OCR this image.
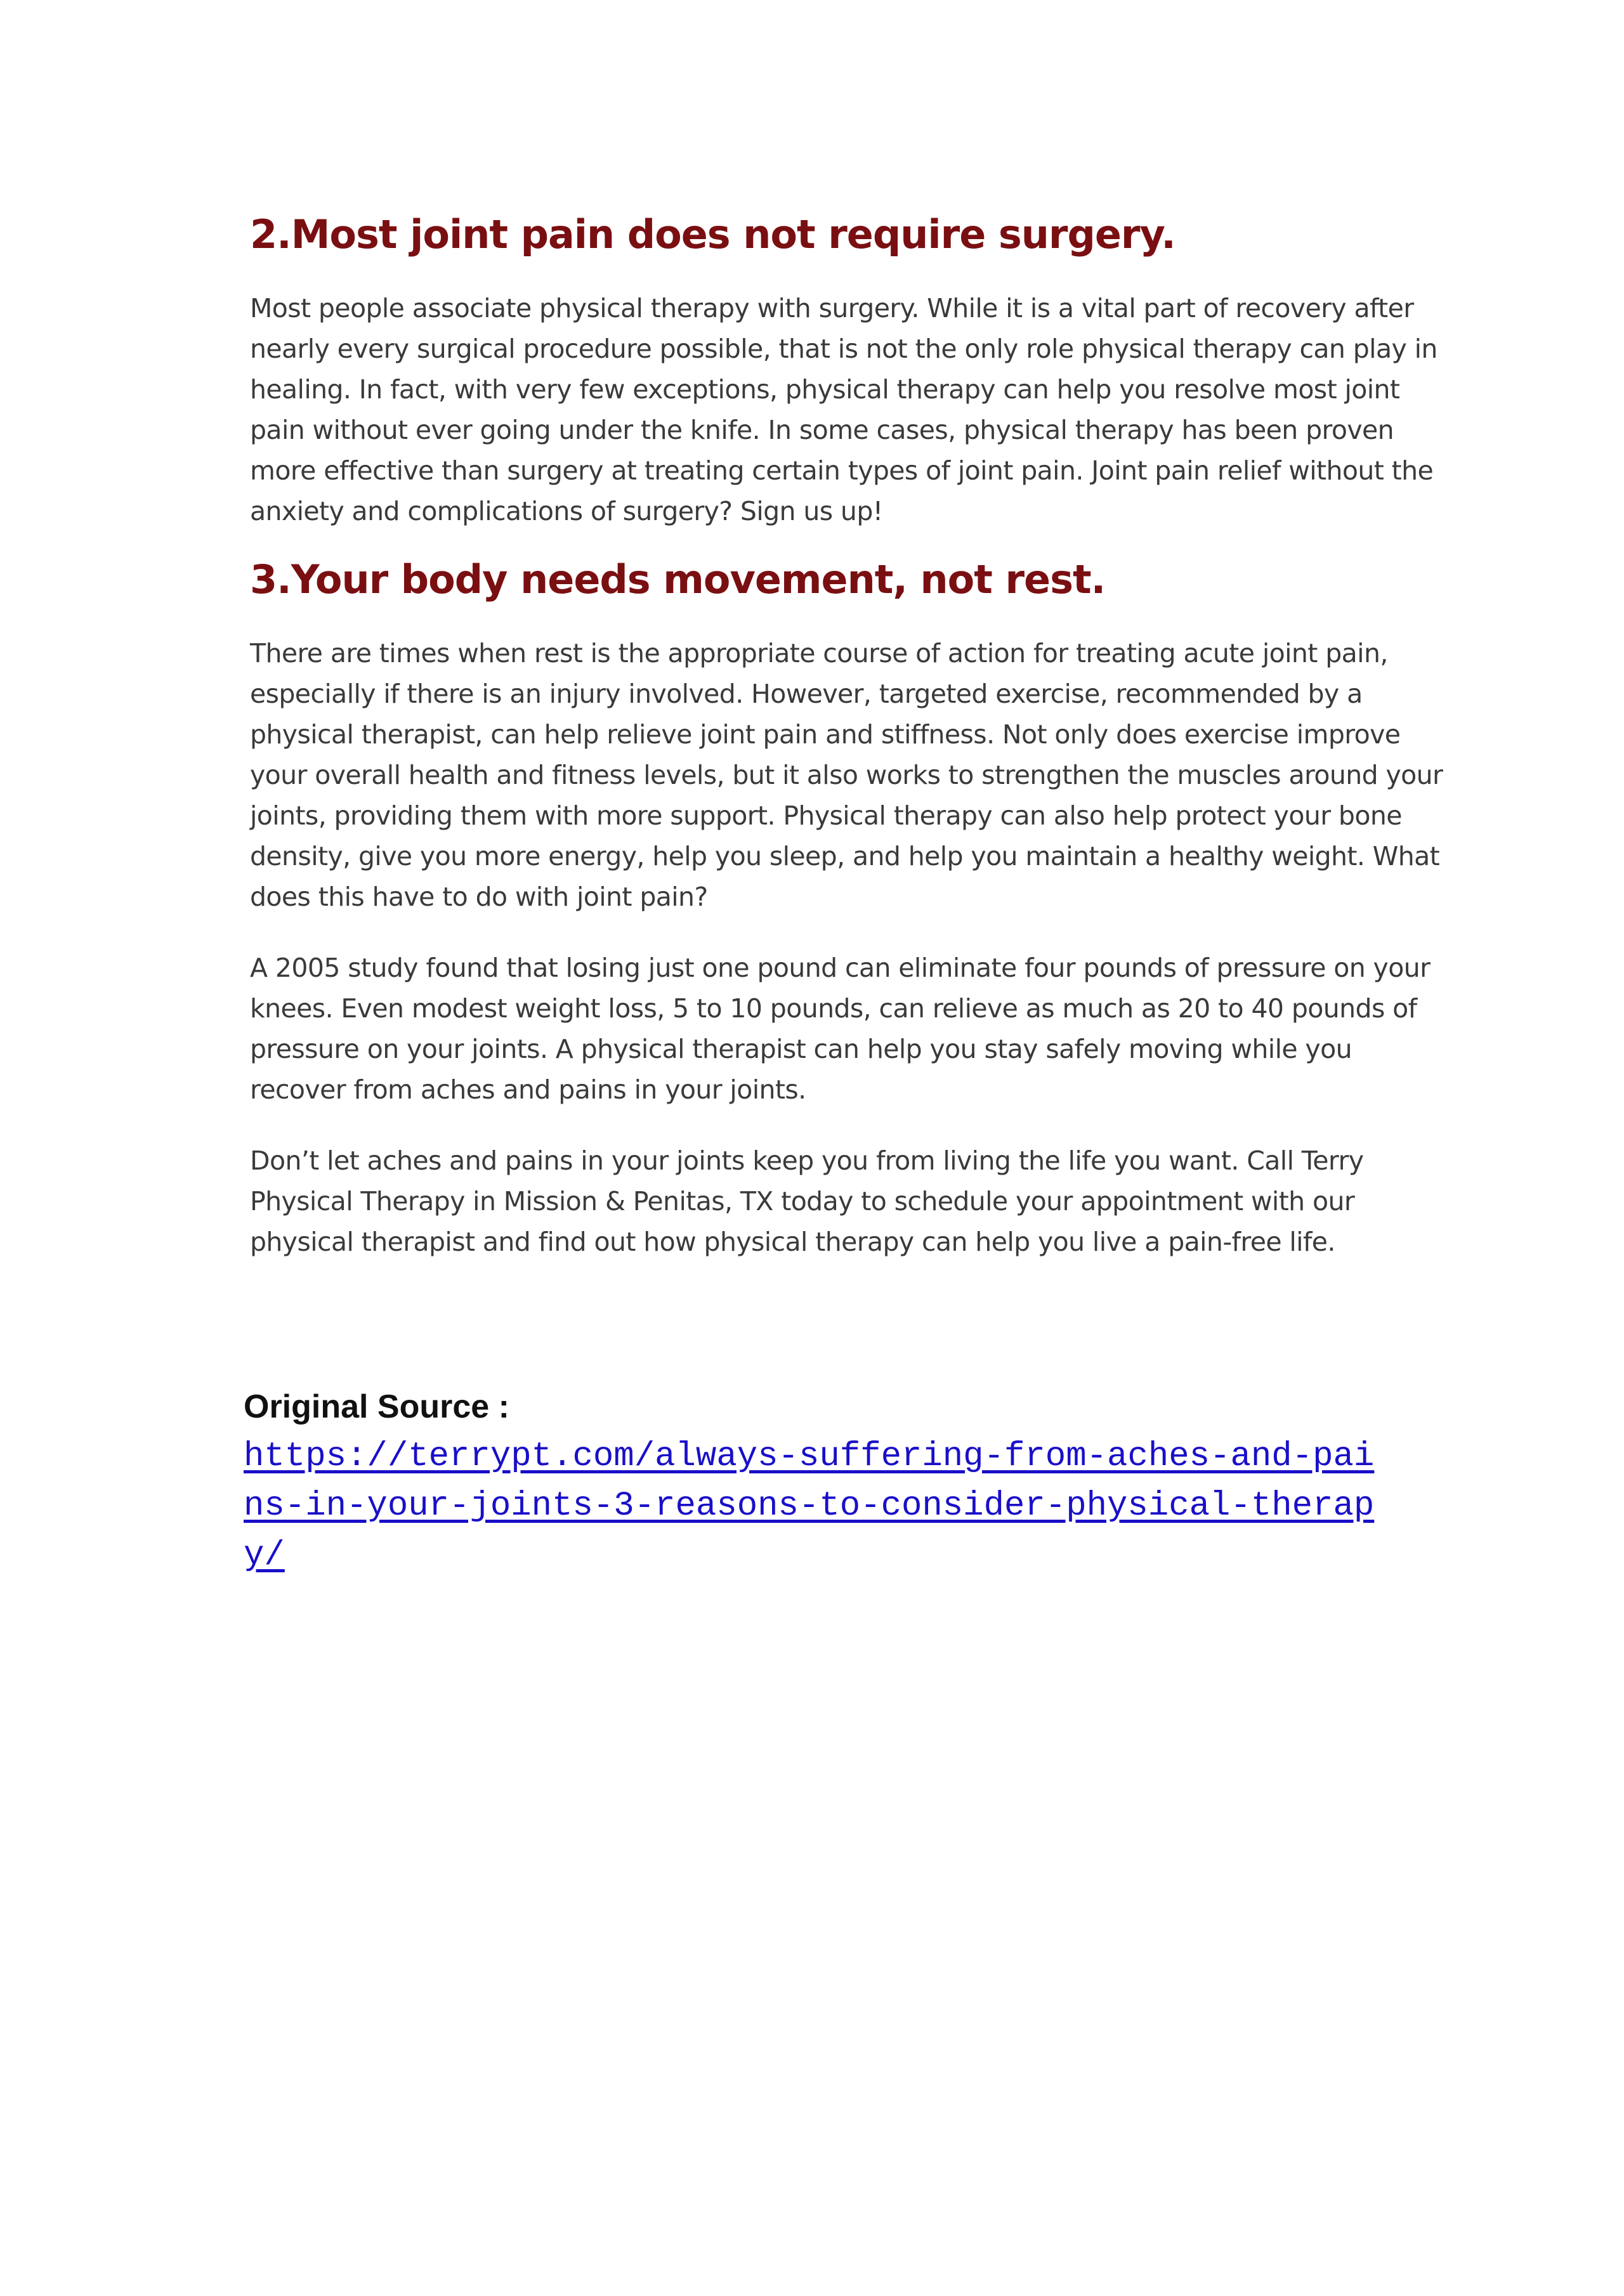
2.Most joint pain does not require surgery.

Most people associate physical therapy with surgery. While it is a vital part of recovery after nearly every surgical procedure possible, that is not the only role physical therapy can play in healing. In fact, with very few exceptions, physical therapy can help you resolve most joint pain without ever going under the knife. In some cases, physical therapy has been proven more effective than surgery at treating certain types of joint pain. Joint pain relief without the anxiety and complications of surgery? Sign us up!

3.Your body needs movement, not rest.

There are times when rest is the appropriate course of action for treating acute joint pain, especially if there is an injury involved. However, targeted exercise, recommended by a physical therapist, can help relieve joint pain and stiffness. Not only does exercise improve your overall health and fitness levels, but it also works to strengthen the muscles around your joints, providing them with more support. Physical therapy can also help protect your bone density, give you more energy, help you sleep, and help you maintain a healthy weight. What does this have to do with joint pain?

A 2005 study found that losing just one pound can eliminate four pounds of pressure on your knees. Even modest weight loss, 5 to 10 pounds, can relieve as much as 20 to 40 pounds of pressure on your joints. A physical therapist can help you stay safely moving while you recover from aches and pains in your joints.

Don’t let aches and pains in your joints keep you from living the life you want. Call Terry Physical Therapy in Mission & Penitas, TX today to schedule your appointment with our physical therapist and find out how physical therapy can help you live a pain-free life.

Original Source :

https://terrypt.com/always-suffering-from-aches-and-pains-in-your-joints-3-reasons-to-consider-physical-therapy/
